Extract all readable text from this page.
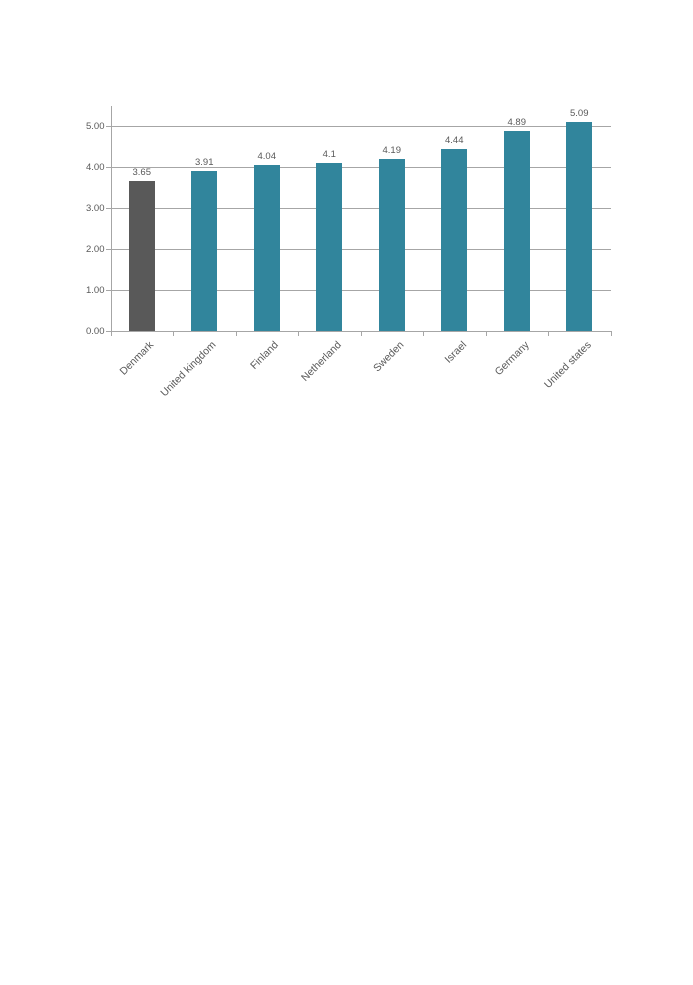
0.00
1.00
2.00
3.00
4.00
5.00
3.65
Denmark
3.91
United kingdom
4.04
Finland
4.1
Netherland
4.19
Sweden
4.44
Israel
4.89
Germany
5.09
United states
